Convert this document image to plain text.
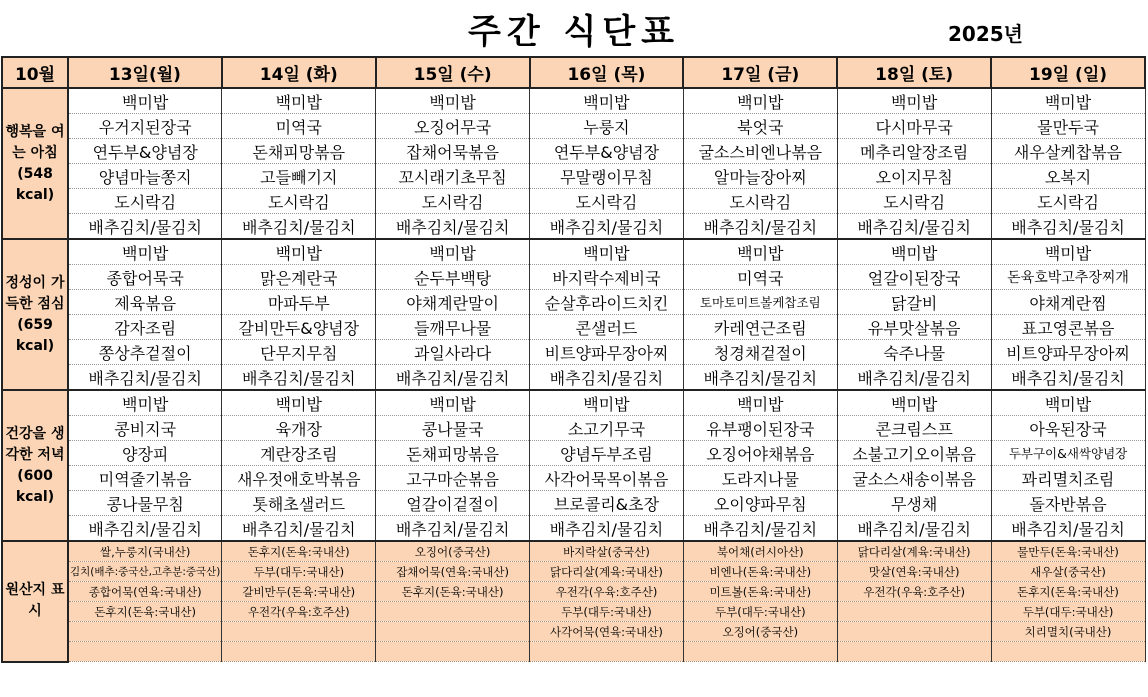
주간 식단표	2025년
10월	13일(월)	14일 (화)	15일 (수)	16일 (목)	17일 (금)	18일 (토)	19일 (일)
행복을 여는 아침 (548 kcal)	백미밥	백미밥	백미밥	백미밥	백미밥	백미밥	백미밥
	우거지된장국	미역국	오징어무국	누룽지	북엇국	다시마무국	물만두국
	연두부&양념장	돈채피망볶음	잡채어묵볶음	연두부&양념장	굴소스비엔나볶음	메추리알장조림	새우살케찹볶음
	양념마늘쫑지	고들빼기지	꼬시래기초무침	무말랭이무침	알마늘장아찌	오이지무침	오복지
	도시락김	도시락김	도시락김	도시락김	도시락김	도시락김	도시락김
	배추김치/물김치	배추김치/물김치	배추김치/물김치	배추김치/물김치	배추김치/물김치	배추김치/물김치	배추김치/물김치
정성이 가득한 점심 (659 kcal)	백미밥	백미밥	백미밥	백미밥	백미밥	백미밥	백미밥
	종합어묵국	맑은계란국	순두부백탕	바지락수제비국	미역국	얼갈이된장국	돈육호박고추장찌개
	제육볶음	마파두부	야채계란말이	순살후라이드치킨	토마토미트볼케찹조림	닭갈비	야채계란찜
	감자조림	갈비만두&양념장	들깨무나물	콘샐러드	카레연근조림	유부맛살볶음	표고영콘볶음
	쫑상추겉절이	단무지무침	과일사라다	비트양파무장아찌	청경채겉절이	숙주나물	비트양파무장아찌
	배추김치/물김치	배추김치/물김치	배추김치/물김치	배추김치/물김치	배추김치/물김치	배추김치/물김치	배추김치/물김치
건강을 생각한 저녁 (600 kcal)	백미밥	백미밥	백미밥	백미밥	백미밥	백미밥	백미밥
	콩비지국	육개장	콩나물국	소고기무국	유부팽이된장국	콘크림스프	아욱된장국
	양장피	계란장조림	돈채피망볶음	양념두부조림	오징어야채볶음	소불고기오이볶음	두부구이&새싹양념장
	미역줄기볶음	새우젓애호박볶음	고구마순볶음	사각어묵목이볶음	도라지나물	굴소스새송이볶음	꽈리멸치조림
	콩나물무침	톳해초샐러드	얼갈이겉절이	브로콜리&초장	오이양파무침	무생채	돌자반볶음
	배추김치/물김치	배추김치/물김치	배추김치/물김치	배추김치/물김치	배추김치/물김치	배추김치/물김치	배추김치/물김치
원산지 표시	쌀,누룽지(국내산)	돈후지(돈육:국내산)	오징어(중국산)	바지락살(중국산)	북어채(러시아산)	닭다리살(계육:국내산)	물만두(돈육:국내산)
	김치(배추:중국산,고추분:중국산)	두부(대두:국내산)	잡채어묵(연육:국내산)	닭다리살(계육:국내산)	비엔나(돈육:국내산)	맛살(연육:국내산)	새우살(중국산)
	종합어묵(연육:국내산)	갈비만두(돈육:국내산)	돈후지(돈육:국내산)	우전각(우육:호주산)	미트볼(돈육:국내산)	우전각(우육:호주산)	돈후지(돈육:국내산)
	돈후지(돈육:국내산)	우전각(우육:호주산)		두부(대두:국내산)	두부(대두:국내산)		두부(대두:국내산)
				사각어묵(연육:국내산)	오징어(중국산)		치리멸치(국내산)
